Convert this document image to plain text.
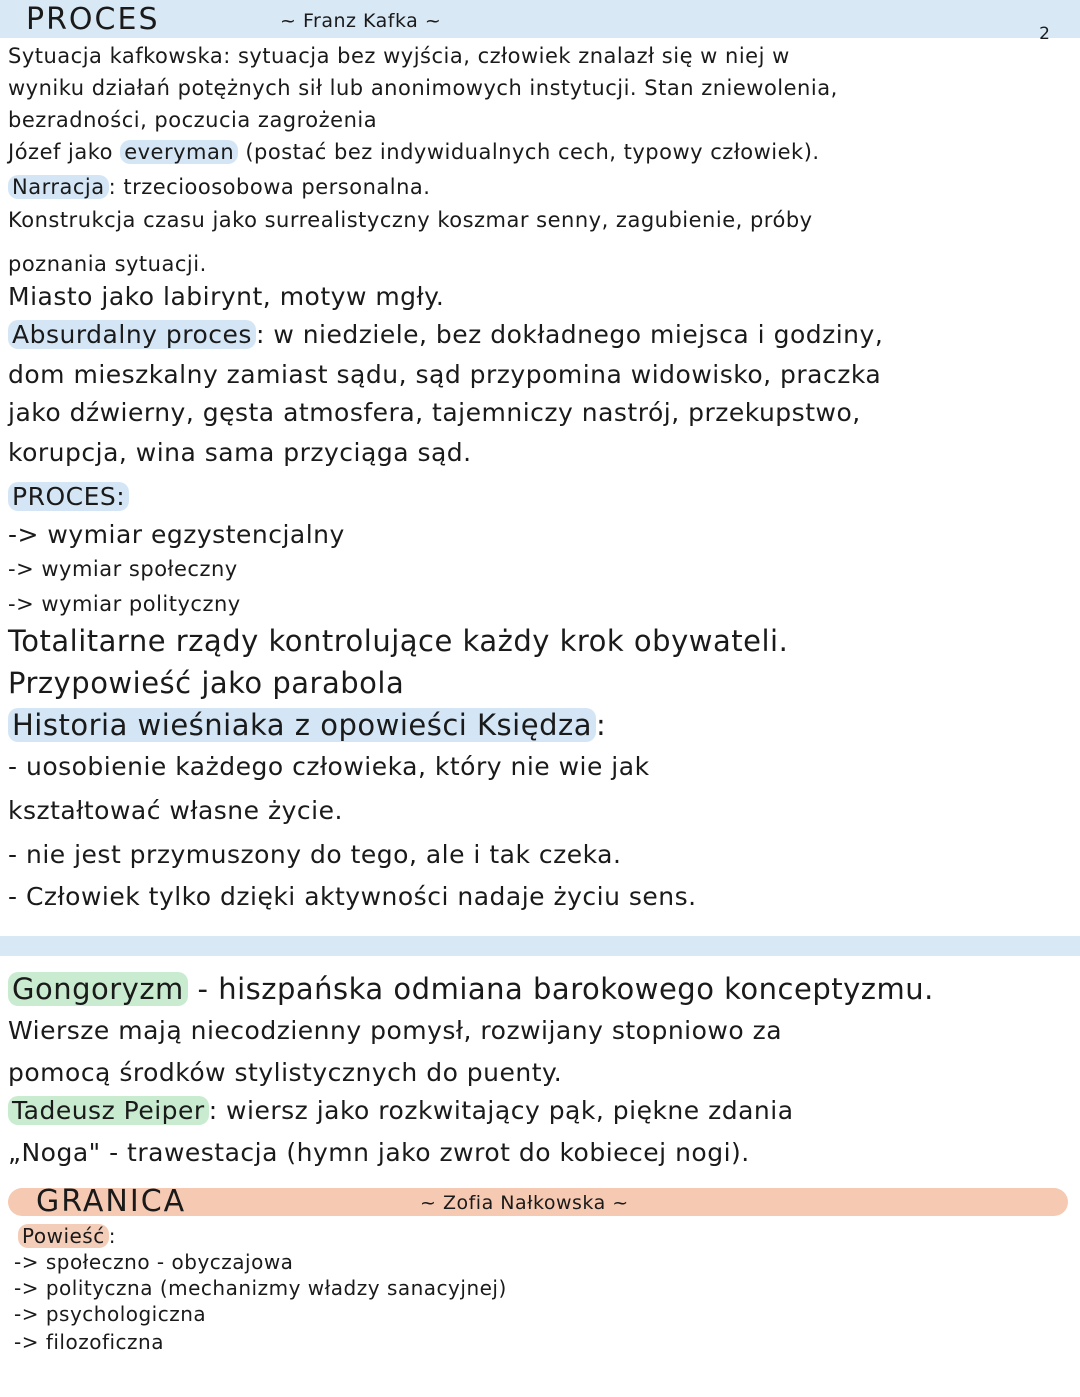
2
PROCES	~ Franz Kafka ~
Sytuacja kafkowska: sytuacja bez wyjścia, człowiek znalazł się w niej w
wyniku działań potężnych sił lub anonimowych instytucji. Stan zniewolenia,
bezradności, poczucia zagrożenia
Józef jako everyman (postać bez indywidualnych cech, typowy człowiek).
Narracja : trzecioosobowa personalna.
Konstrukcja czasu jako surrealistyczny koszmar senny, zagubienie, próby
poznania sytuacji.
Miasto jako labirynt, motyw mgły.
Absurdalny proces : w niedziele, bez dokładnego miejsca i godziny,
dom mieszkalny zamiast sądu, sąd przypomina widowisko, praczka
jako dźwierny, gęsta atmosfera, tajemniczy nastrój, przekupstwo,
korupcja, wina sama przyciąga sąd.
PROCES:
-> wymiar egzystencjalny
-> wymiar społeczny
-> wymiar polityczny
Totalitarne rządy kontrolujące każdy krok obywateli.
Przypowieść jako parabola
Historia wieśniaka z opowieści Księdza :
- uosobienie każdego człowieka, który nie wie jak
kształtować własne życie.
- nie jest przymuszony do tego, ale i tak czeka.
- Człowiek tylko dzięki aktywności nadaje życiu sens.
Gongoryzm - hiszpańska odmiana barokowego konceptyzmu.
Wiersze mają niecodzienny pomysł, rozwijany stopniowo za
pomocą środków stylistycznych do puenty.
Tadeusz Peiper : wiersz jako rozkwitający pąk, piękne zdania
„Noga" - trawestacja (hymn jako zwrot do kobiecej nogi).
GRANICA	~ Zofia Nałkowska ~
Powieść :
-> społeczno - obyczajowa
-> polityczna (mechanizmy władzy sanacyjnej)
-> psychologiczna
-> filozoficzna
